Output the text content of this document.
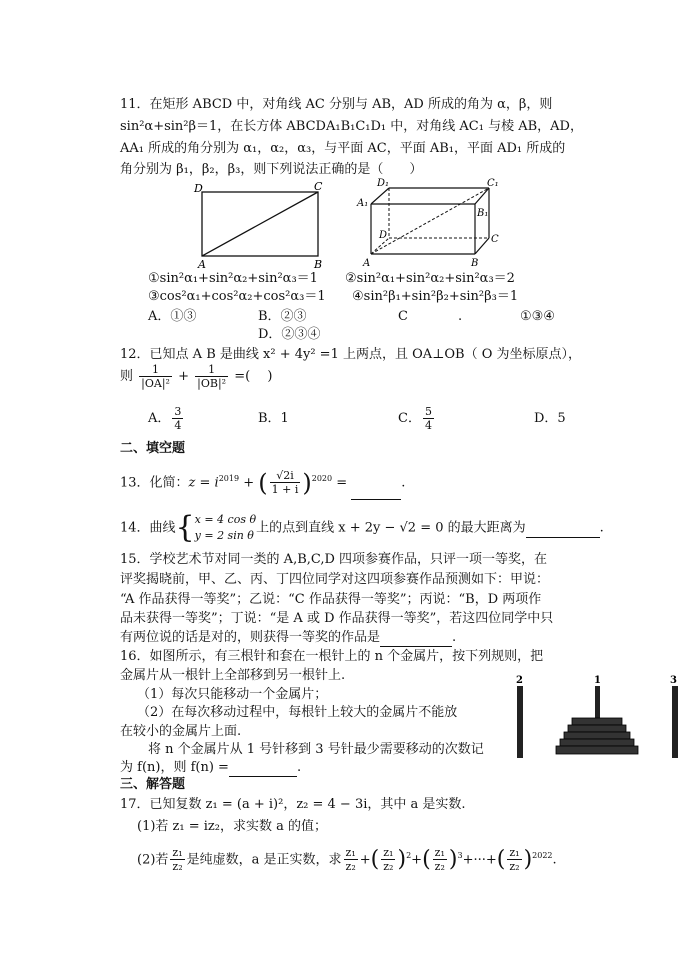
11．在矩形 ABCD 中，对角线 AC 分别与 AB，AD 所成的角为 α，β，则
sin²α+sin²β＝1，在长方体 ABCDA₁B₁C₁D₁ 中，对角线 AC₁ 与棱 AB，AD，
AA₁ 所成的角分别为 α₁，α₂，α₃，与平面 AC，平面 AB₁，平面 AD₁ 所成的
角分别为 β₁，β₂，β₃，则下列说法正确的是（　　）
D	C
A	B
D₁	C₁
A₁
B₁
D	C
A	B
①sin²α₁+sin²α₂+sin²α₃＝1 ②sin²α₁+sin²α₂+sin²α₃＝2
③cos²α₁+cos²α₂+cos²α₃＝1 ④sin²β₁+sin²β₂+sin²β₃＝1
A．①③	B．②③	C	.	①③④
D．②③④
12．已知点 A B 是曲线 x² + 4y² =1 上两点，且 OA⊥OB（ O 为坐标原点），
则 $\frac{1}{\text{|OA|²}} + \frac{1}{\text{|OB|²}}$ =(　 )
A． $\frac{3}{4}$	B．1	C． $\frac{5}{4}$	D．5
二、填空题
13．化简：$z = i^{2019}$ + ( $\frac{√2i}{1 + i} )^{2020}$ =	.
14．曲线{ x = 4 cos θ
y = 2 sin θ 上的点到直线 x + 2y − √2 = 0 的最大距离为	.
15．学校艺术节对同一类的 A,B,C,D 四项参赛作品，只评一项一等奖，在
评奖揭晓前，甲、乙、丙、丁四位同学对这四项参赛作品预测如下：甲说：
“A 作品获得一等奖”；乙说：“C 作品获得一等奖”；丙说：“B，D 两项作
品未获得一等奖”；丁说：“是 A 或 D 作品获得一等奖”，若这四位同学中只
有两位说的话是对的，则获得一等奖的作品是	.
16．如图所示，有三根针和套在一根针上的 n 个金属片，按下列规则，把
金属片从一根针上全部移到另一根针上.
（1）每次只能移动一个金属片；
（2）在每次移动过程中，每根针上较大的金属片不能放
在较小的金属片上面.
将 n 个金属片从 1 号针移到 3 号针最少需要移动的次数记
为 f(n)，则 f(n) =	.
2	1	3
三、解答题
17．已知复数 z₁ = (a + i)²，z₂ = 4 − 3i，其中 a 是实数.
(1)若 z₁ = iz₂，求实数 a 的值；
(2)若 $\frac{\text{z₁}}{\text{z₂}}$ 是纯虚数，a 是正实数，求 $\frac{\text{z₁}}{\text{z₂}}$ +( $\frac{\text{z₁}}{\text{z₂}} )^2+( \frac{\text{z₁}}{\text{z₂}} )^3+\cdot\cdot\cdot+( \frac{\text{z₁}}{\text{z₂}} )^{2022}$.
